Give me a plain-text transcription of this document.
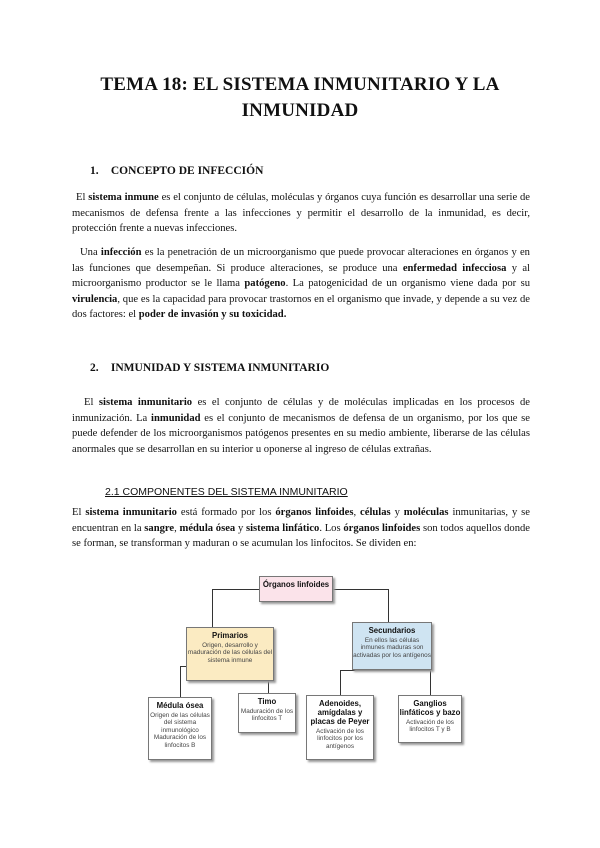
TEMA 18: EL SISTEMA INMUNITARIO Y LA INMUNIDAD
1. CONCEPTO DE INFECCIÓN
El sistema inmune es el conjunto de células, moléculas y órganos cuya función es desarrollar una serie de mecanismos de defensa frente a las infecciones y permitir el desarrollo de la inmunidad, es decir, protección frente a nuevas infecciones.
Una infección es la penetración de un microorganismo que puede provocar alteraciones en órganos y en las funciones que desempeñan. Si produce alteraciones, se produce una enfermedad infecciosa y al microorganismo productor se le llama patógeno. La patogenicidad de un organismo viene dada por su virulencia, que es la capacidad para provocar trastornos en el organismo que invade, y depende a su vez de dos factores: el poder de invasión y su toxicidad.
2. INMUNIDAD Y SISTEMA INMUNITARIO
El sistema inmunitario es el conjunto de células y de moléculas implicadas en los procesos de inmunización. La inmunidad es el conjunto de mecanismos de defensa de un organismo, por los que se puede defender de los microorganismos patógenos presentes en su medio ambiente, liberarse de las células anormales que se desarrollan en su interior u oponerse al ingreso de células extrañas.
2.1 COMPONENTES DEL SISTEMA INMUNITARIO
El sistema inmunitario está formado por los órganos linfoides, células y moléculas inmunitarias, y se encuentran en la sangre, médula ósea y sistema linfático. Los órganos linfoides son todos aquellos donde se forman, se transforman y maduran o se acumulan los linfocitos. Se dividen en:
Órganos linfoides
Primarios
Origen, desarrollo y maduración de las células del sistema inmune
Secundarios
En ellos las células inmunes maduras son activadas por los antígenos
Médula ósea
Origen de las células del sistema inmunológico Maduración de los linfocitos B
Timo
Maduración de los linfocitos T
Adenoides, amígdalas y placas de Peyer
Activación de los linfocitos por los antígenos
Ganglios linfáticos y bazo
Activación de los linfocitos T y B
